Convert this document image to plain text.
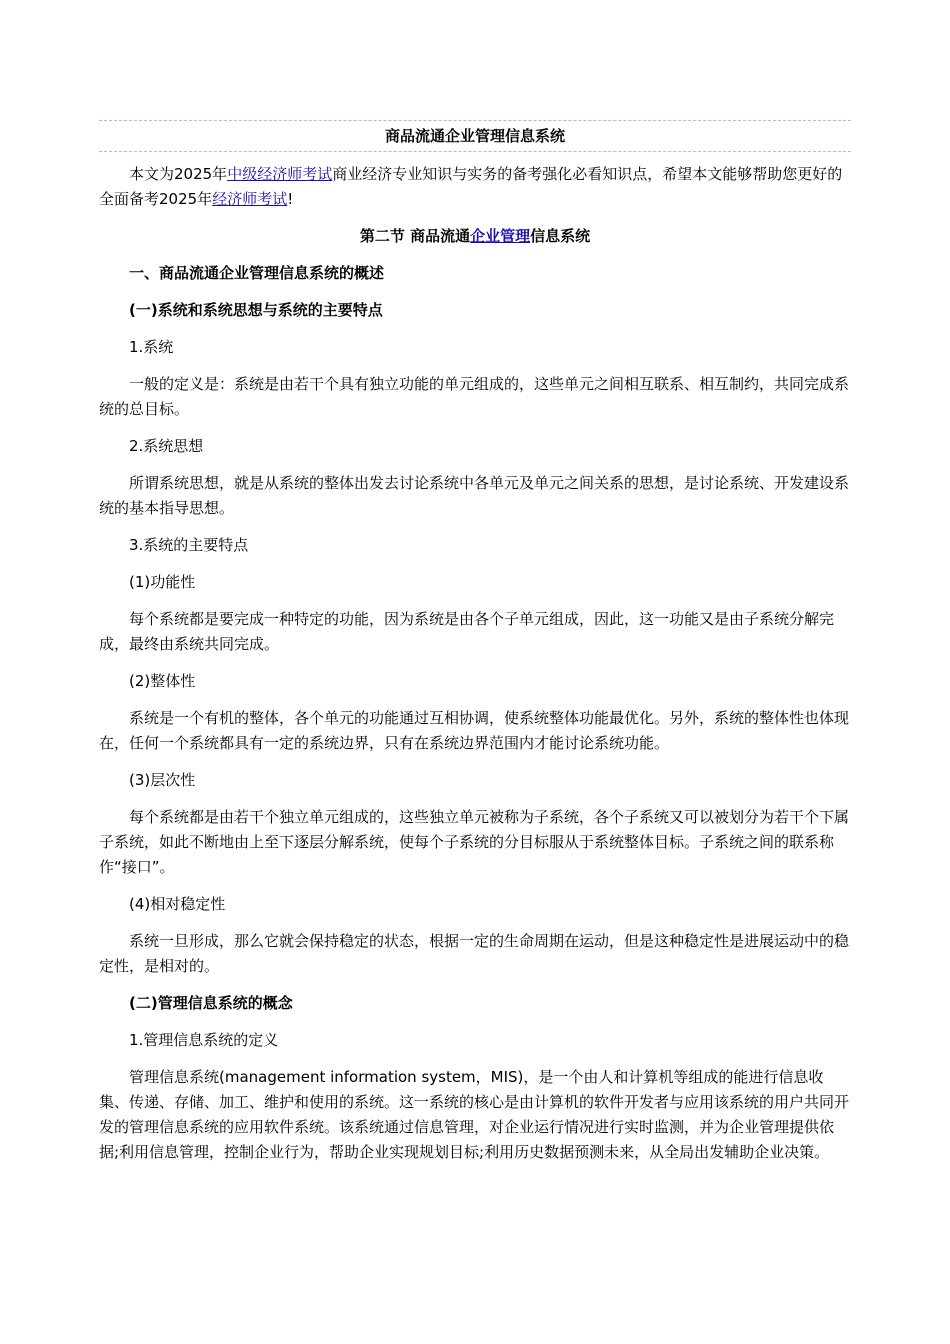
商品流通企业管理信息系统

本文为2025年中级经济师考试商业经济专业知识与实务的备考强化必看知识点，希望本文能够帮助您更好的全面备考2025年经济师考试!

第二节 商品流通企业管理信息系统

一、商品流通企业管理信息系统的概述

(一)系统和系统思想与系统的主要特点

1.系统

一般的定义是：系统是由若干个具有独立功能的单元组成的，这些单元之间相互联系、相互制约，共同完成系统的总目标。

2.系统思想

所谓系统思想，就是从系统的整体出发去讨论系统中各单元及单元之间关系的思想，是讨论系统、开发建设系统的基本指导思想。

3.系统的主要特点

(1)功能性

每个系统都是要完成一种特定的功能，因为系统是由各个子单元组成，因此，这一功能又是由子系统分解完成，最终由系统共同完成。

(2)整体性

系统是一个有机的整体，各个单元的功能通过互相协调，使系统整体功能最优化。另外，系统的整体性也体现在，任何一个系统都具有一定的系统边界，只有在系统边界范围内才能讨论系统功能。

(3)层次性

每个系统都是由若干个独立单元组成的，这些独立单元被称为子系统，各个子系统又可以被划分为若干个下属子系统，如此不断地由上至下逐层分解系统，使每个子系统的分目标服从于系统整体目标。子系统之间的联系称作“接口”。

(4)相对稳定性

系统一旦形成，那么它就会保持稳定的状态，根据一定的生命周期在运动，但是这种稳定性是进展运动中的稳定性，是相对的。

(二)管理信息系统的概念

1.管理信息系统的定义

管理信息系统(management information system，MIS)，是一个由人和计算机等组成的能进行信息收集、传递、存储、加工、维护和使用的系统。这一系统的核心是由计算机的软件开发者与应用该系统的用户共同开发的管理信息系统的应用软件系统。该系统通过信息管理，对企业运行情况进行实时监测，并为企业管理提供依据;利用信息管理，控制企业行为，帮助企业实现规划目标;利用历史数据预测未来，从全局出发辅助企业决策。
